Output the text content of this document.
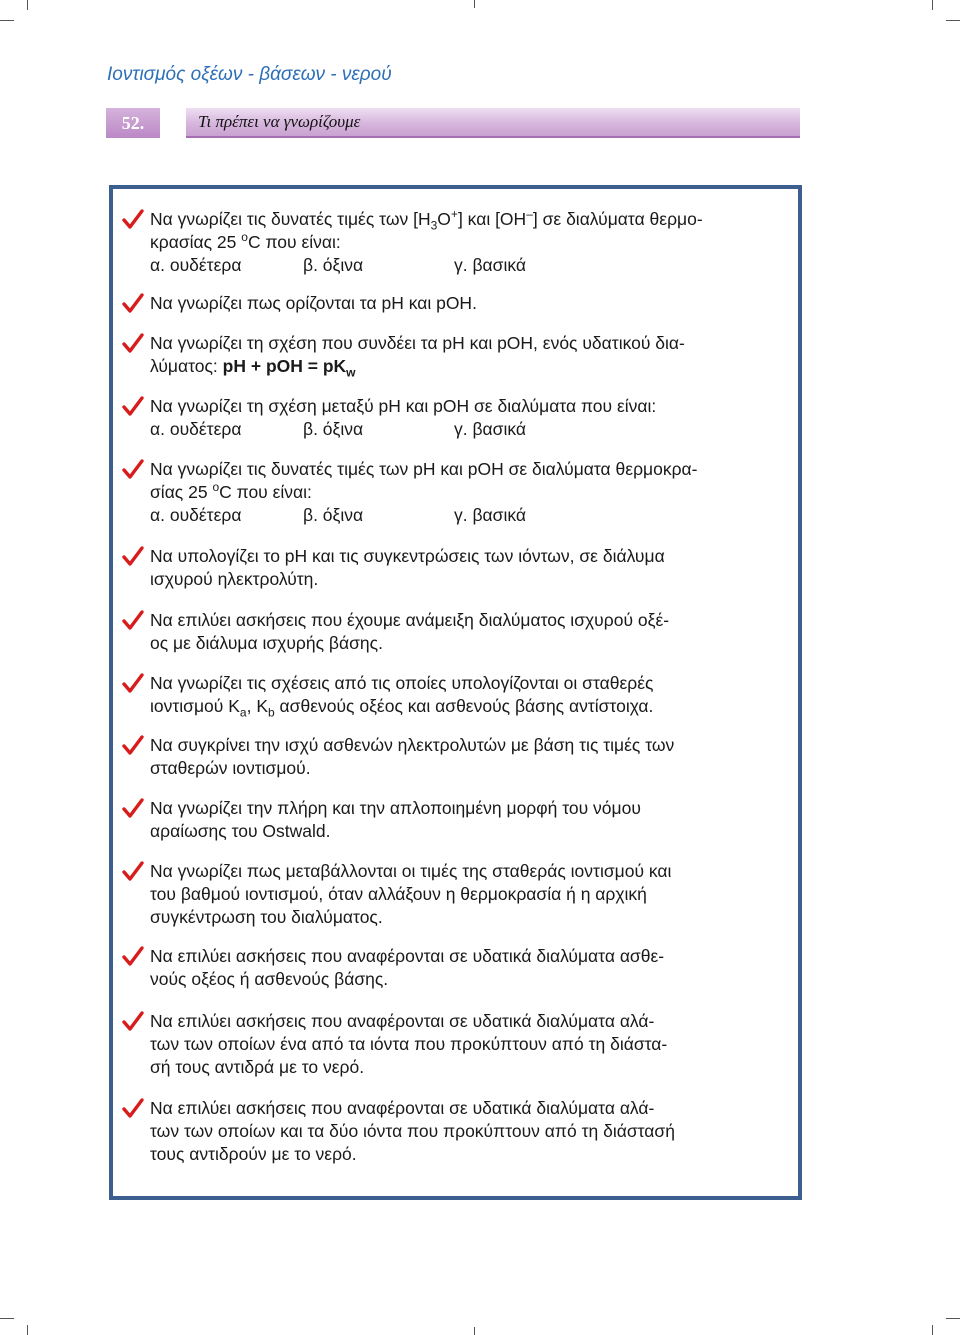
Ιοντισμός οξέων - βάσεων - νερού
52.	Τι πρέπει να γνωρίζουμε
Να γνωρίζει τις δυνατές τιμές των $[H_3O^+]$ και [OH–] σε διαλύματα θερμο-
κρασίας 25 $^o$C που είναι:
α. ουδέτερα	β. όξινα	γ. βασικά
Να γνωρίζει πως ορίζονται τα pH και pOH.
Να γνωρίζει τη σχέση που συνδέει τα pH και pOH, ενός υδατικού δια-
λύματος: pH + pOH = $pK_w$
Να γνωρίζει τη σχέση μεταξύ pH και pOH σε διαλύματα που είναι:
α. ουδέτερα	β. όξινα	γ. βασικά
Να γνωρίζει τις δυνατές τιμές των pH και pOH σε διαλύματα θερμοκρα-
σίας 25 $^o$C που είναι:
α. ουδέτερα	β. όξινα	γ. βασικά
Να υπολογίζει το pH και τις συγκεντρώσεις των ιόντων, σε διάλυμα
ισχυρού ηλεκτρολύτη.
Να επιλύει ασκήσεις που έχουμε ανάμειξη διαλύματος ισχυρού οξέ-
ος με διάλυμα ισχυρής βάσης.
Να γνωρίζει τις σχέσεις από τις οποίες υπολογίζονται οι σταθερές
ιοντισμού $K_a$, $K_b$ ασθενούς οξέος και ασθενούς βάσης αντίστοιχα.
Να συγκρίνει την ισχύ ασθενών ηλεκτρολυτών με βάση τις τιμές των
σταθερών ιοντισμού.
Να γνωρίζει την πλήρη και την απλοποιημένη μορφή του νόμου
αραίωσης του Ostwald.
Να γνωρίζει πως μεταβάλλονται οι τιμές της σταθεράς ιοντισμού και
του βαθμού ιοντισμού, όταν αλλάξουν η θερμοκρασία ή η αρχική
συγκέντρωση του διαλύματος.
Να επιλύει ασκήσεις που αναφέρονται σε υδατικά διαλύματα ασθε-
νούς οξέος ή ασθενούς βάσης.
Να επιλύει ασκήσεις που αναφέρονται σε υδατικά διαλύματα αλά-
των των οποίων ένα από τα ιόντα που προκύπτουν από τη διάστα-
σή τους αντιδρά με το νερό.
Να επιλύει ασκήσεις που αναφέρονται σε υδατικά διαλύματα αλά-
των των οποίων και τα δύο ιόντα που προκύπτουν από τη διάστασή
τους αντιδρούν με το νερό.
